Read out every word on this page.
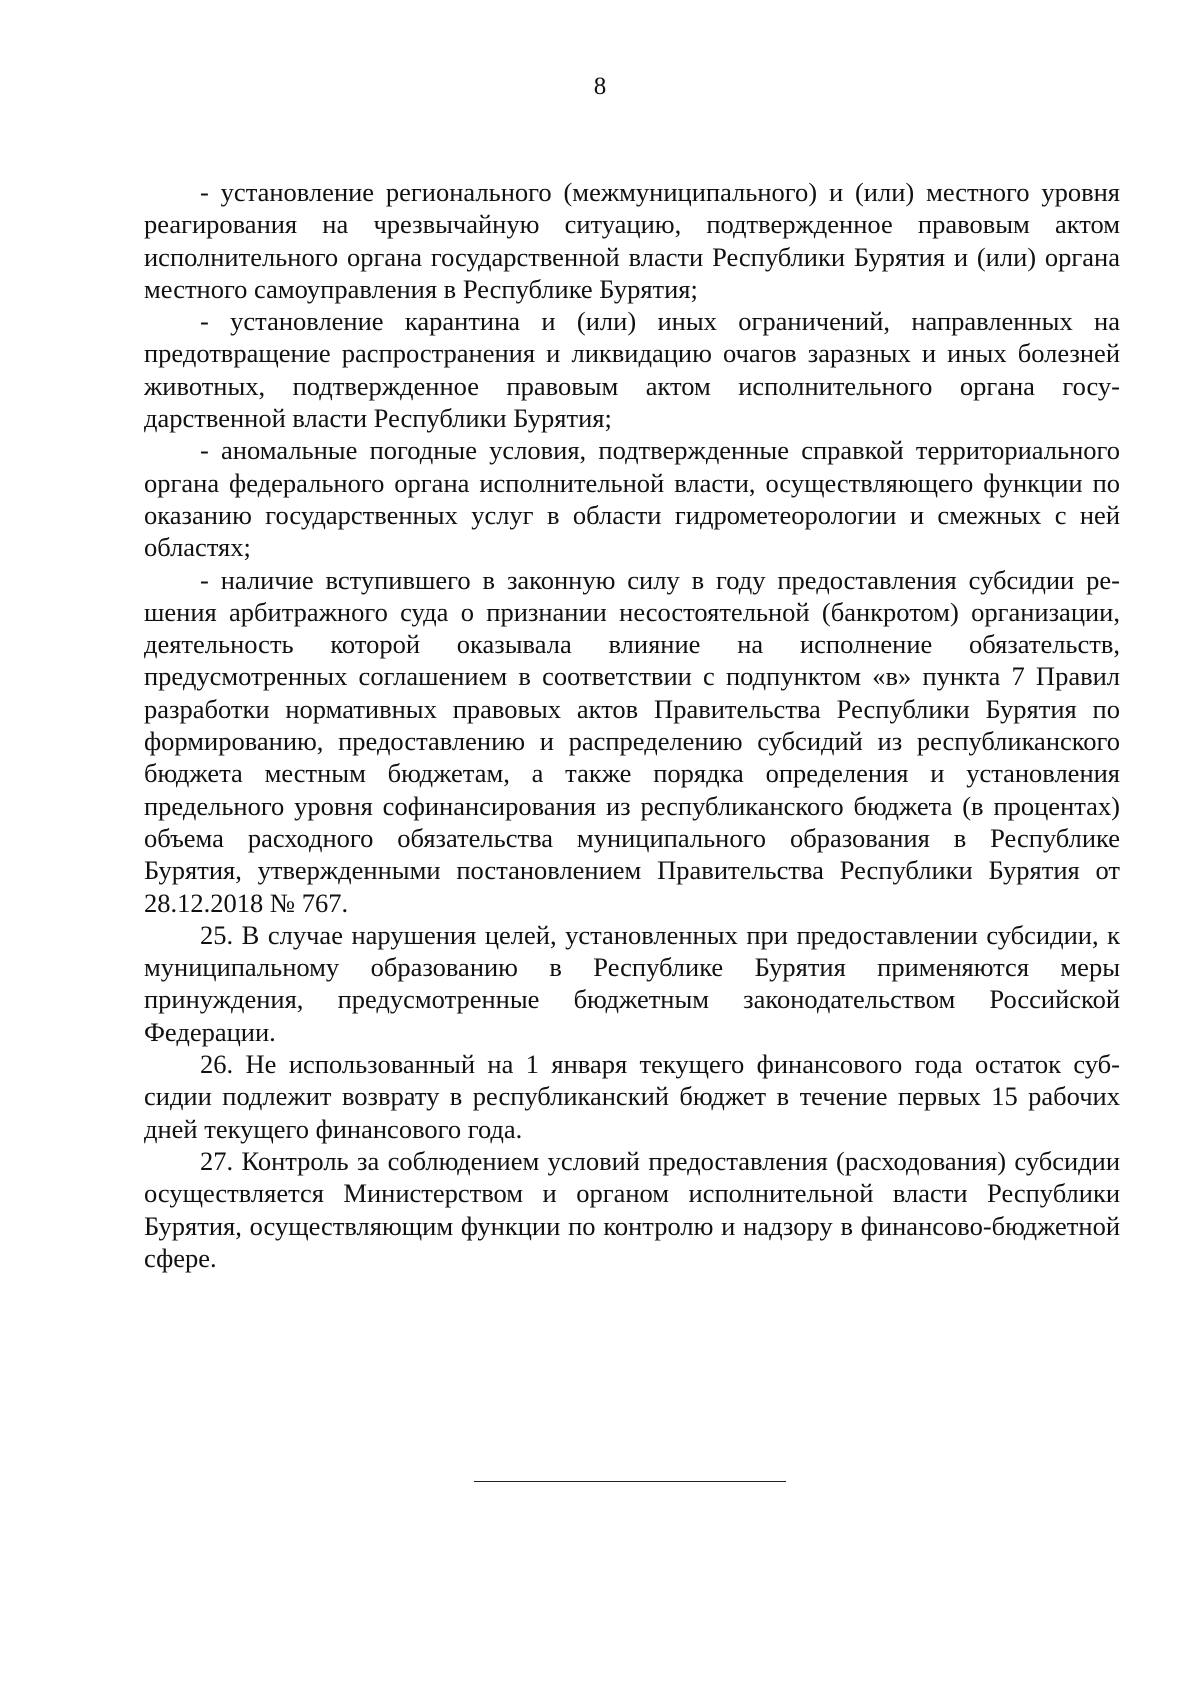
8

- установление регионального (межмуниципального) и (или) местного уровня реагирования на чрезвычайную ситуацию, подтвержденное правовым актом исполнительного органа государственной власти Республики Бурятия и (или) органа местного самоуправления в Республике Бурятия;

- установление карантина и (или) иных ограничений, направленных на предотвращение распространения и ликвидацию очагов заразных и иных болезней животных, подтвержденное правовым актом исполнительного органа государственной власти Республики Бурятия;

- аномальные погодные условия, подтвержденные справкой территориального органа федерального органа исполнительной власти, осуществляющего функции по оказанию государственных услуг в области гидрометеорологии и смежных с ней областях;

- наличие вступившего в законную силу в году предоставления субсидии решения арбитражного суда о признании несостоятельной (банкротом) организации, деятельность которой оказывала влияние на исполнение обязательств, предусмотренных соглашением в соответствии с подпунктом «в» пункта 7 Правил разработки нормативных правовых актов Правительства Республики Бурятия по формированию, предоставлению и распределению субсидий из республиканского бюджета местным бюджетам, а также порядка определения и установления предельного уровня софинансирования из республиканского бюджета (в процентах) объема расходного обязательства муниципального образования в Республике Бурятия, утвержденными постановлением Правительства Республики Бурятия от 28.12.2018 № 767.

25. В случае нарушения целей, установленных при предоставлении субсидии, к муниципальному образованию в Республике Бурятия применяются меры принуждения, предусмотренные бюджетным законодательством Российской Федерации.

26. Не использованный на 1 января текущего финансового года остаток субсидии подлежит возврату в республиканский бюджет в течение первых 15 рабочих дней текущего финансового года.

27. Контроль за соблюдением условий предоставления (расходования) субсидии осуществляется Министерством и органом исполнительной власти Республики Бурятия, осуществляющим функции по контролю и надзору в финансово-бюджетной сфере.
